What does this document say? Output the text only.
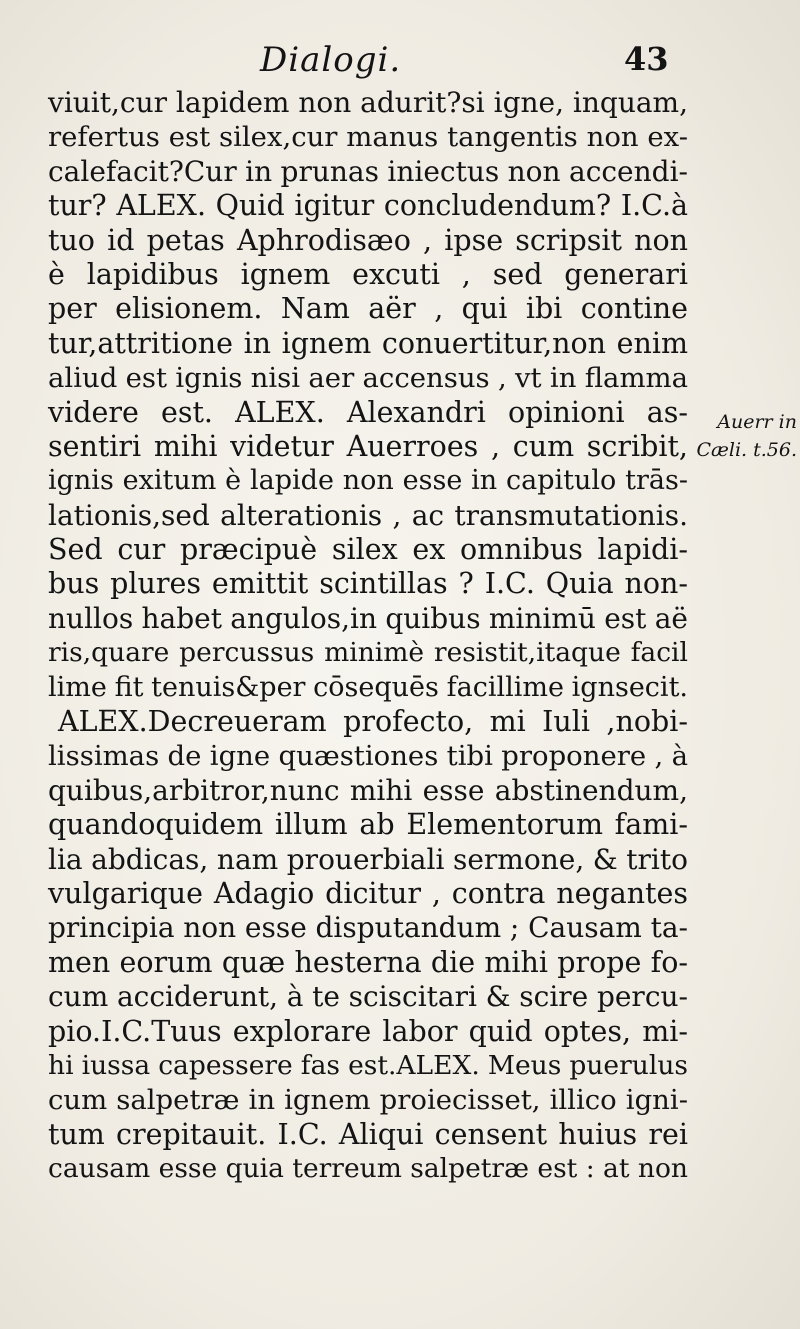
Dialogi.	43
viuit,cur lapidem non adurit?si igne, inquam,
refertus est silex,cur manus tangentis non ex-
calefacit?Cur in prunas iniectus non accendi-
tur? ALEX. Quid igitur concludendum? I.C.à
tuo id petas Aphrodisæo , ipse scripsit non
è lapidibus ignem excuti , sed generari
per elisionem. Nam aër , qui ibi contine
tur,attritione in ignem conuertitur,non enim
aliud est ignis nisi aer accensus , vt in flamma
videre est. ALEX. Alexandri opinioni as-
sentiri mihi videtur Auerroes , cum scribit,
ignis exitum è lapide non esse in capitulo trās-
lationis,sed alterationis , ac transmutationis.
Sed cur præcipuè silex ex omnibus lapidi-
bus plures emittit scintillas ? I.C. Quia non-
nullos habet angulos,in quibus minimū est aë
ris,quare percussus minimè resistit,itaque facil
lime fit tenuis&per cōsequēs facillime ignsecit.
ALEX.Decreueram profecto, mi Iuli ,nobi-
lissimas de igne quæstiones tibi proponere , à
quibus,arbitror,nunc mihi esse abstinendum,
quandoquidem illum ab Elementorum fami-
lia abdicas, nam prouerbiali sermone, & trito
vulgarique Adagio dicitur , contra negantes
principia non esse disputandum ; Causam ta-
men eorum quæ hesterna die mihi prope fo-
cum acciderunt, à te sciscitari & scire percu-
pio.I.C.Tuus explorare labor quid optes, mi-
hi iussa capessere fas est.ALEX. Meus puerulus
cum salpetræ in ignem proiecisset, illico igni-
tum crepitauit. I.C. Aliqui censent huius rei
causam esse quia terreum salpetræ est : at non
Auerr in
Cæli. t.56.
